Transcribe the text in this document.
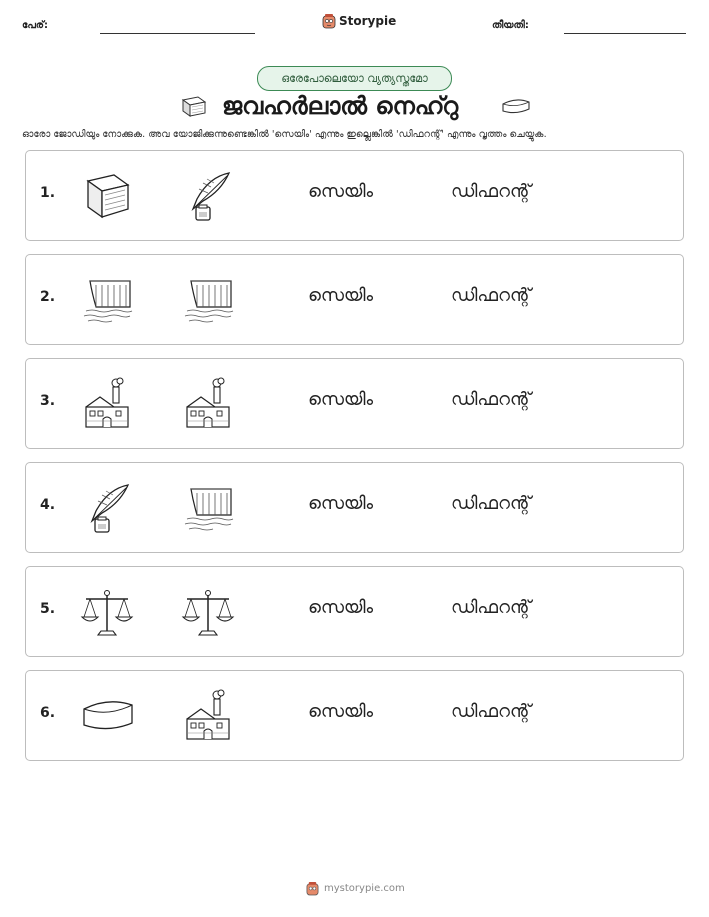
പേര്:	Storypie	തീയതി:
ഒരേപോലെയോ വ്യത്യസ്തമോ
ജവഹർലാൽ നെഹ്റു
ഓരോ ജോഡിയും നോക്കുക. അവ യോജിക്കുന്നുണ്ടെങ്കിൽ 'സെയിം' എന്നും ഇല്ലെങ്കിൽ 'ഡിഫറന്റ്' എന്നും വൃത്തം ചെയ്യുക.
1.	സെയിം	ഡിഫറന്റ്
2.	സെയിം	ഡിഫറന്റ്
3.	സെയിം	ഡിഫറന്റ്
4.	സെയിം	ഡിഫറന്റ്
5.	സെയിം	ഡിഫറന്റ്
6.	സെയിം	ഡിഫറന്റ്
mystorypie.com
